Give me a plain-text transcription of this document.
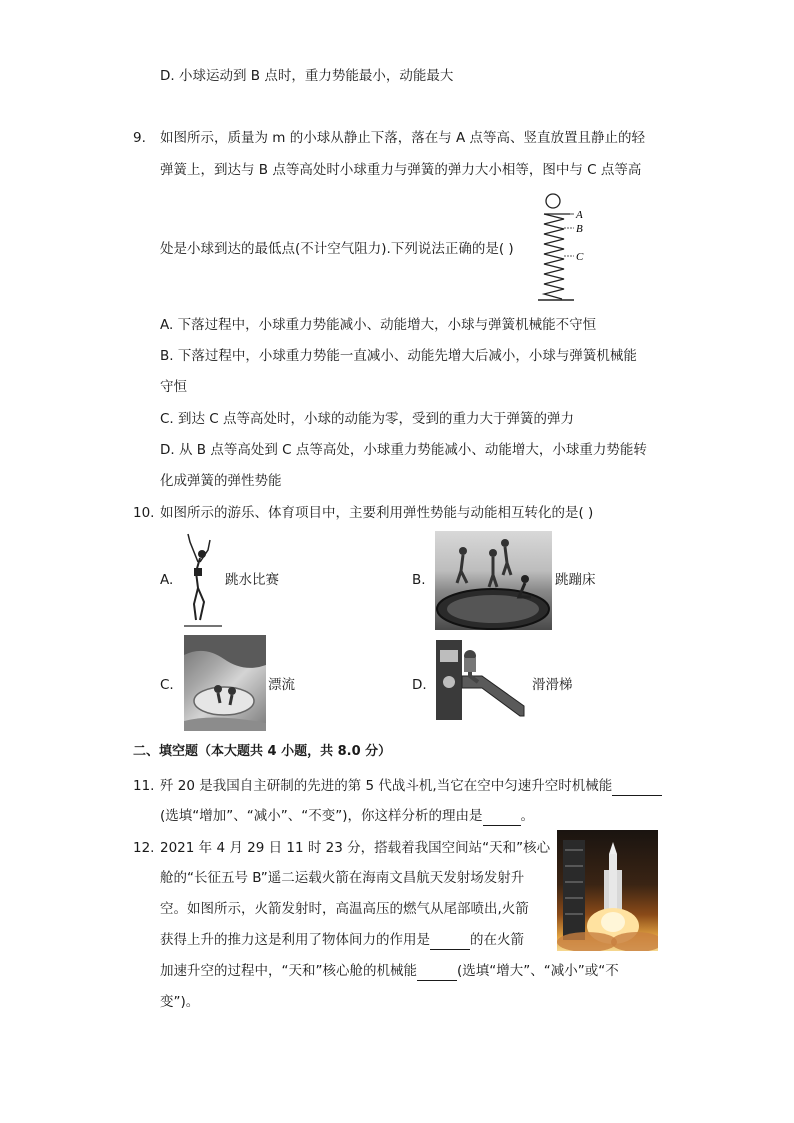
D. 小球运动到 B 点时，重力势能最小，动能最大
9. 如图所示，质量为 m 的小球从静止下落，落在与 A 点等高、竖直放置且静止的轻
弹簧上，到达与 B 点等高处时小球重力与弹簧的弹力大小相等，图中与 C 点等高
处是小球到达的最低点(不计空气阻力).下列说法正确的是( )
A
B
C
A. 下落过程中，小球重力势能减小、动能增大，小球与弹簧机械能不守恒
B. 下落过程中，小球重力势能一直减小、动能先增大后减小，小球与弹簧机械能
守恒
C. 到达 C 点等高处时，小球的动能为零，受到的重力大于弹簧的弹力
D. 从 B 点等高处到 C 点等高处，小球重力势能减小、动能增大，小球重力势能转
化成弹簧的弹性势能
10. 如图所示的游乐、体育项目中，主要利用弹性势能与动能相互转化的是( )
A.	跳水比赛	B.	跳蹦床
C.	漂流	D.	滑滑梯
二、填空题（本大题共 4 小题，共 8.0 分）
11. 歼 20 是我国自主研制的先进的第 5 代战斗机,当它在空中匀速升空时机械能
(选填“增加”、“减小”、“不变”)，你这样分析的理由是	。
12. 2021 年 4 月 29 日 11 时 23 分，搭载着我国空间站“天和”核心
舱的“长征五号 B”遥二运载火箭在海南文昌航天发射场发射升
空。如图所示，火箭发射时，高温高压的燃气从尾部喷出,火箭
获得上升的推力这是利用了物体间力的作用是	的在火箭
加速升空的过程中，“天和”核心舱的机械能	(选填“增大”、“减小”或“不
变”)。
